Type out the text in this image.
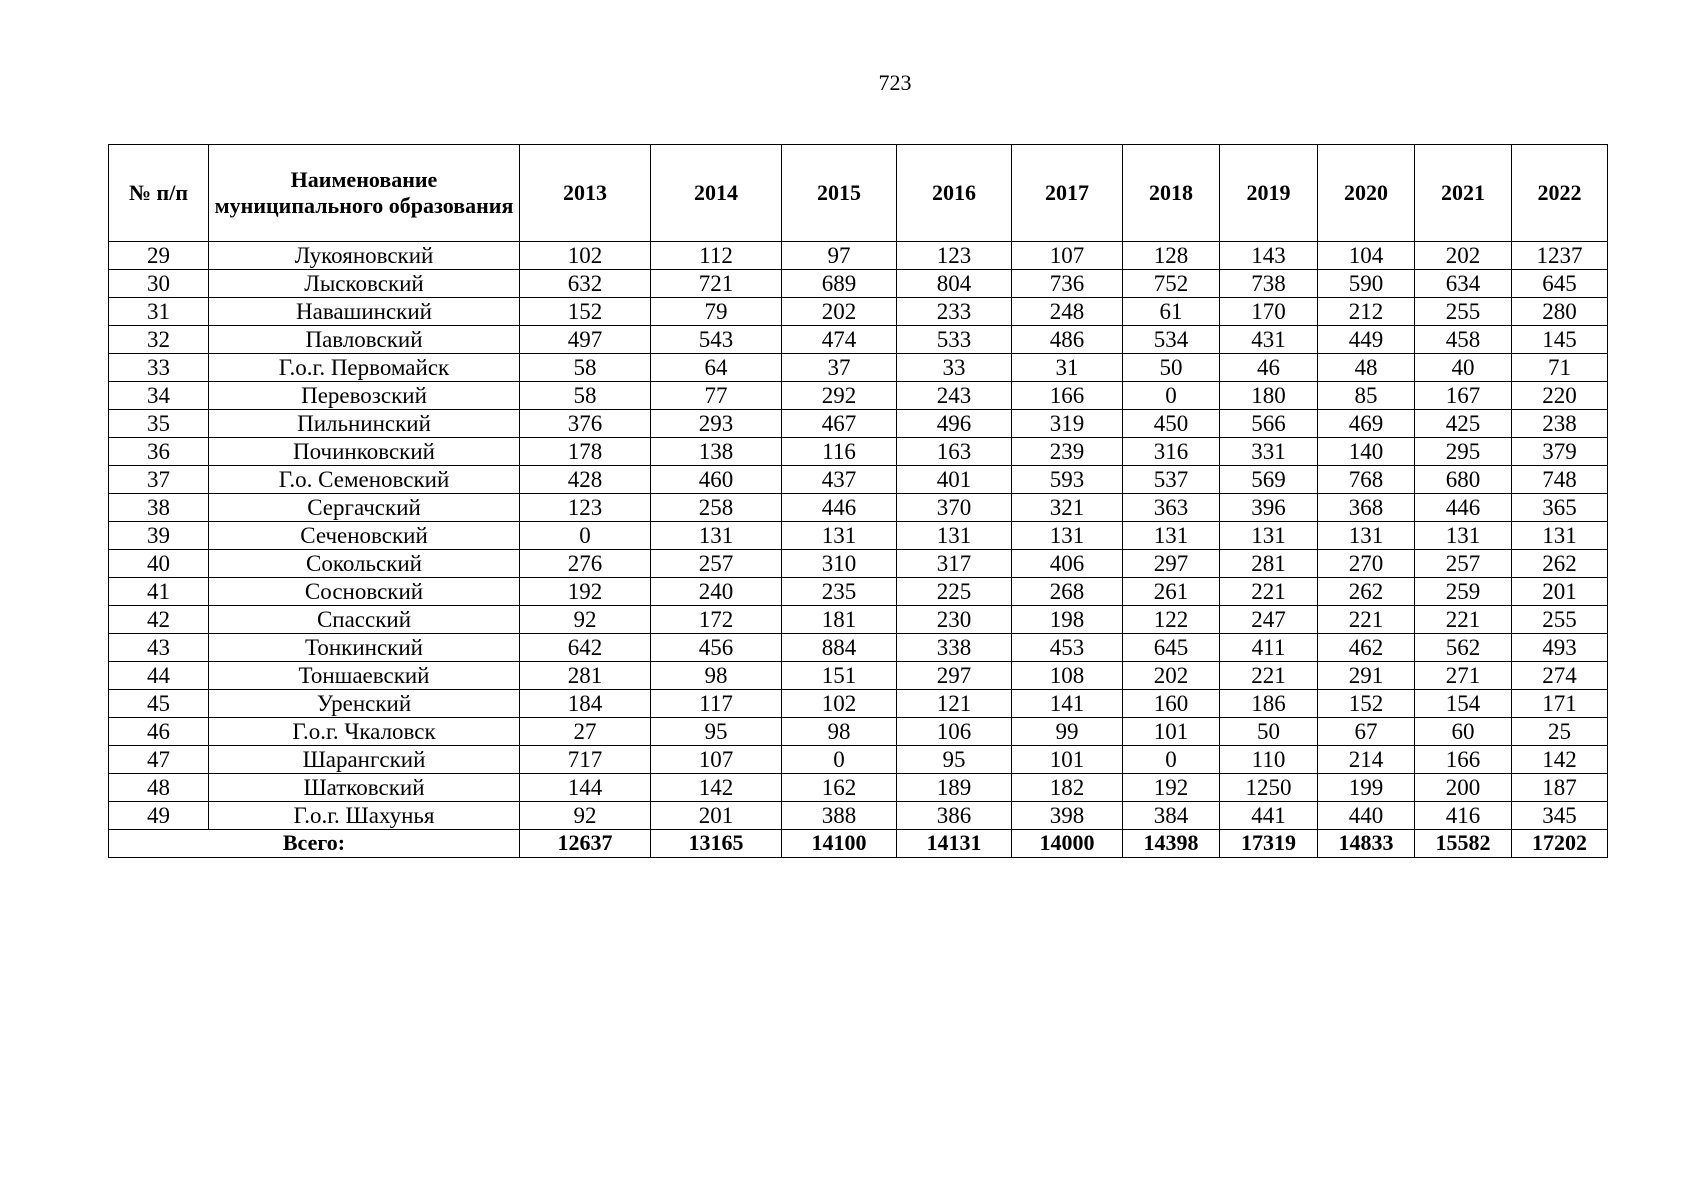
723
№ п/п	Наименование муниципального образования	2013	2014	2015	2016	2017	2018	2019	2020	2021	2022
29	Лукояновский	102	112	97	123	107	128	143	104	202	1237
30	Лысковский	632	721	689	804	736	752	738	590	634	645
31	Навашинский	152	79	202	233	248	61	170	212	255	280
32	Павловский	497	543	474	533	486	534	431	449	458	145
33	Г.о.г. Первомайск	58	64	37	33	31	50	46	48	40	71
34	Перевозский	58	77	292	243	166	0	180	85	167	220
35	Пильнинский	376	293	467	496	319	450	566	469	425	238
36	Починковский	178	138	116	163	239	316	331	140	295	379
37	Г.о. Семеновский	428	460	437	401	593	537	569	768	680	748
38	Сергачский	123	258	446	370	321	363	396	368	446	365
39	Сеченовский	0	131	131	131	131	131	131	131	131	131
40	Сокольский	276	257	310	317	406	297	281	270	257	262
41	Сосновский	192	240	235	225	268	261	221	262	259	201
42	Спасский	92	172	181	230	198	122	247	221	221	255
43	Тонкинский	642	456	884	338	453	645	411	462	562	493
44	Тоншаевский	281	98	151	297	108	202	221	291	271	274
45	Уренский	184	117	102	121	141	160	186	152	154	171
46	Г.о.г. Чкаловск	27	95	98	106	99	101	50	67	60	25
47	Шарангский	717	107	0	95	101	0	110	214	166	142
48	Шатковский	144	142	162	189	182	192	1250	199	200	187
49	Г.о.г. Шахунья	92	201	388	386	398	384	441	440	416	345
Всего:		12637	13165	14100	14131	14000	14398	17319	14833	15582	17202
